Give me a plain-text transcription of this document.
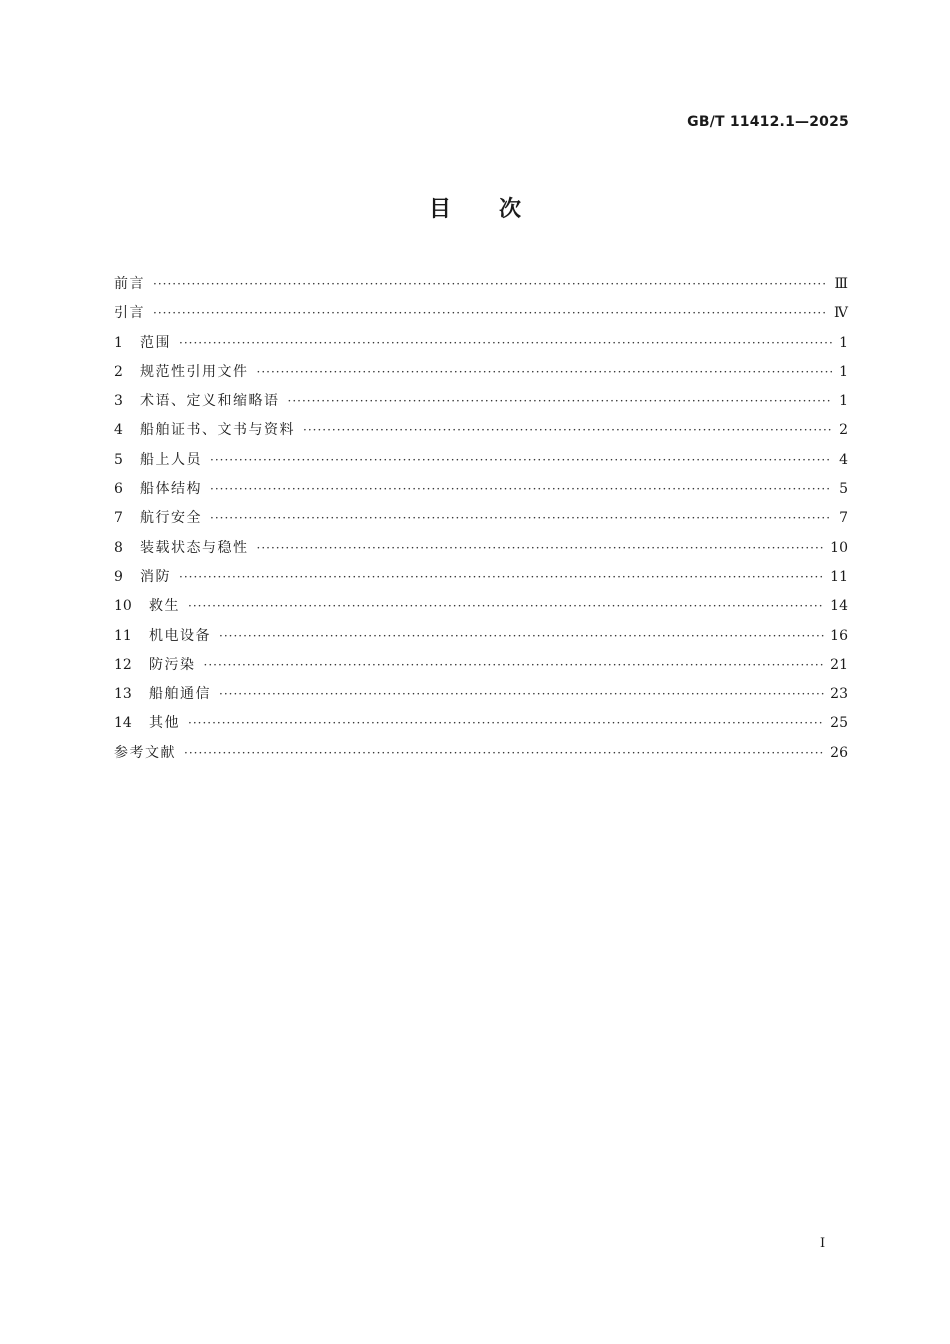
GB/T 11412.1—2025
目次
前言 ·····	Ⅲ
引言 ·····	Ⅳ
1	范围 ·····	1
2	规范性引用文件 ·····	1
3	术语、定义和缩略语 ·····	1
4	船舶证书、文书与资料 ·····	2
5	船上人员 ·····	4
6	船体结构 ·····	5
7	航行安全 ·····	7
8	装载状态与稳性 ·····	10
9	消防 ·····	11
10	救生 ·····	14
11	机电设备 ·····	16
12	防污染 ·····	21
13	船舶通信 ·····	23
14	其他 ·····	25
参考文献 ·····	26
I
